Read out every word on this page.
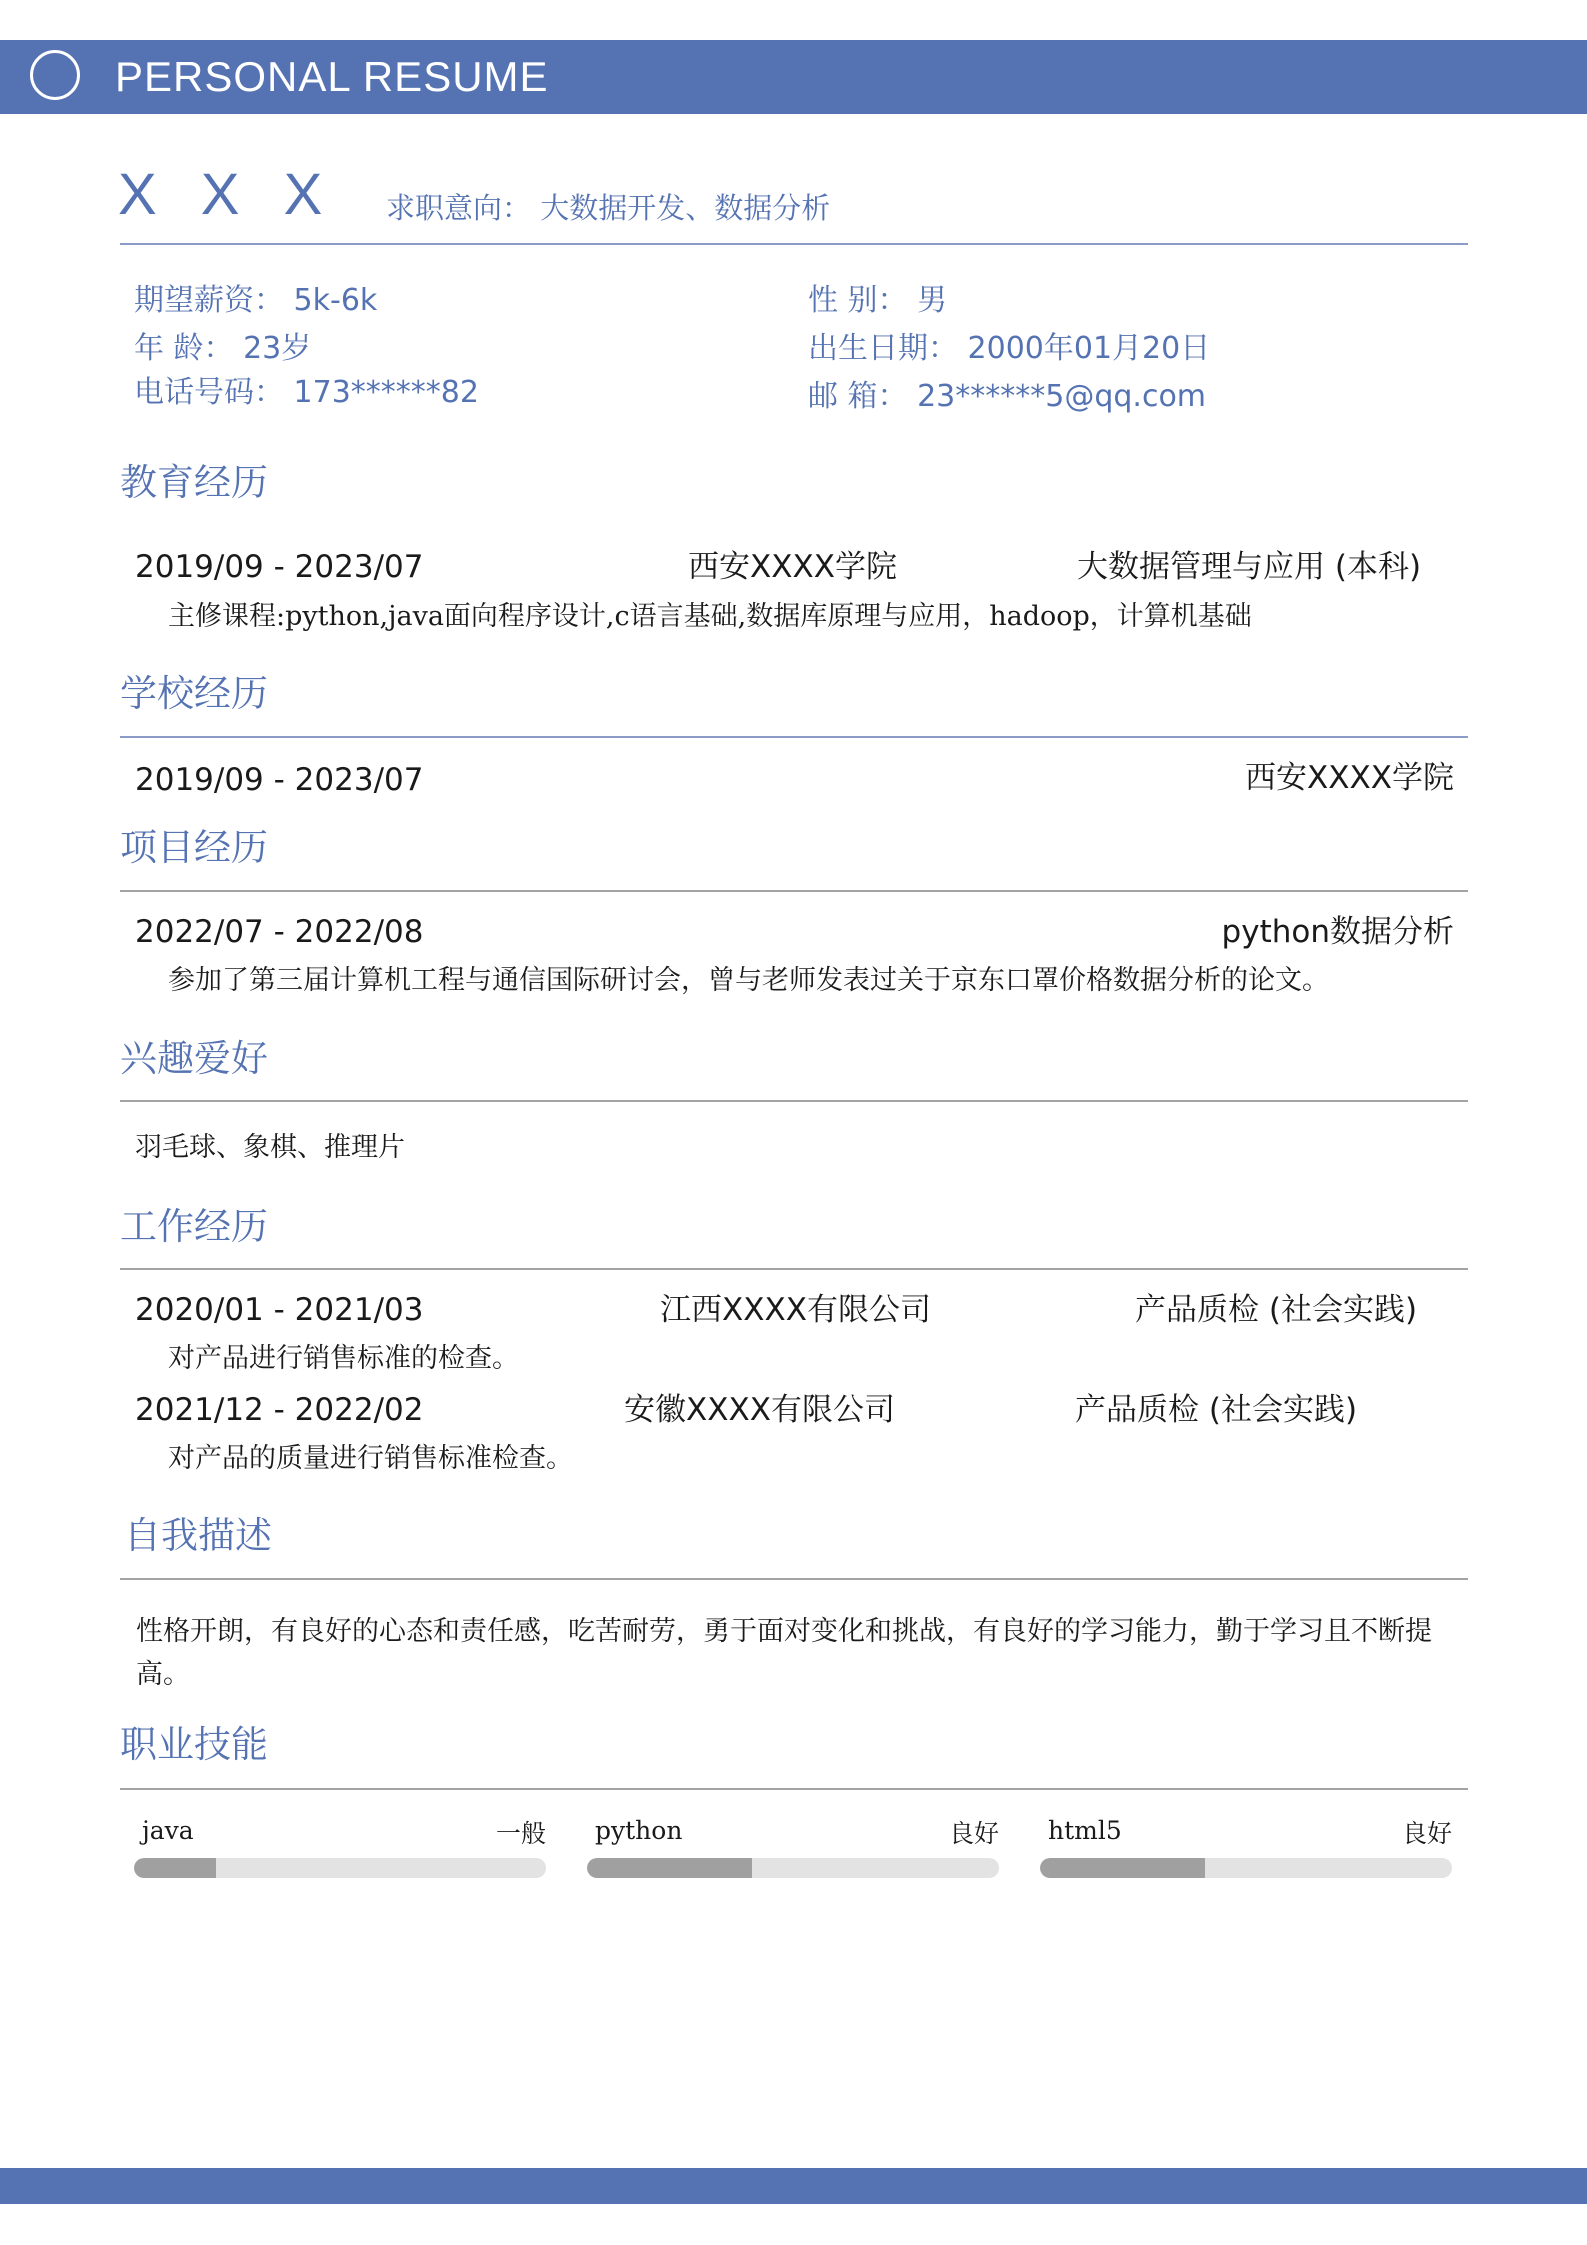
PERSONAL RESUME
X X X 求职意向： 大数据开发、数据分析
期望薪资： 5k-6k
年 龄： 23岁
电话号码： 173******82
性 别： 男
出生日期： 2000年01月20日
邮 箱： 23******5@qq.com
教育经历
2019/09 - 2023/07	西安XXXX学院	大数据管理与应用 (本科)
主修课程:python,java面向程序设计,c语言基础,数据库原理与应用，hadoop，计算机基础
学校经历
2019/09 - 2023/07	西安XXXX学院
项目经历
2022/07 - 2022/08	python数据分析
参加了第三届计算机工程与通信国际研讨会，曾与老师发表过关于京东口罩价格数据分析的论文。
兴趣爱好
羽毛球、象棋、推理片
工作经历
2020/01 - 2021/03	江西XXXX有限公司	产品质检 (社会实践)
对产品进行销售标准的检查。
2021/12 - 2022/02	安徽XXXX有限公司	产品质检 (社会实践)
对产品的质量进行销售标准检查。
自我描述
性格开朗，有良好的心态和责任感，吃苦耐劳，勇于面对变化和挑战，有良好的学习能力，勤于学习且不断提高。
职业技能
java	一般 python	良好 html5	良好
